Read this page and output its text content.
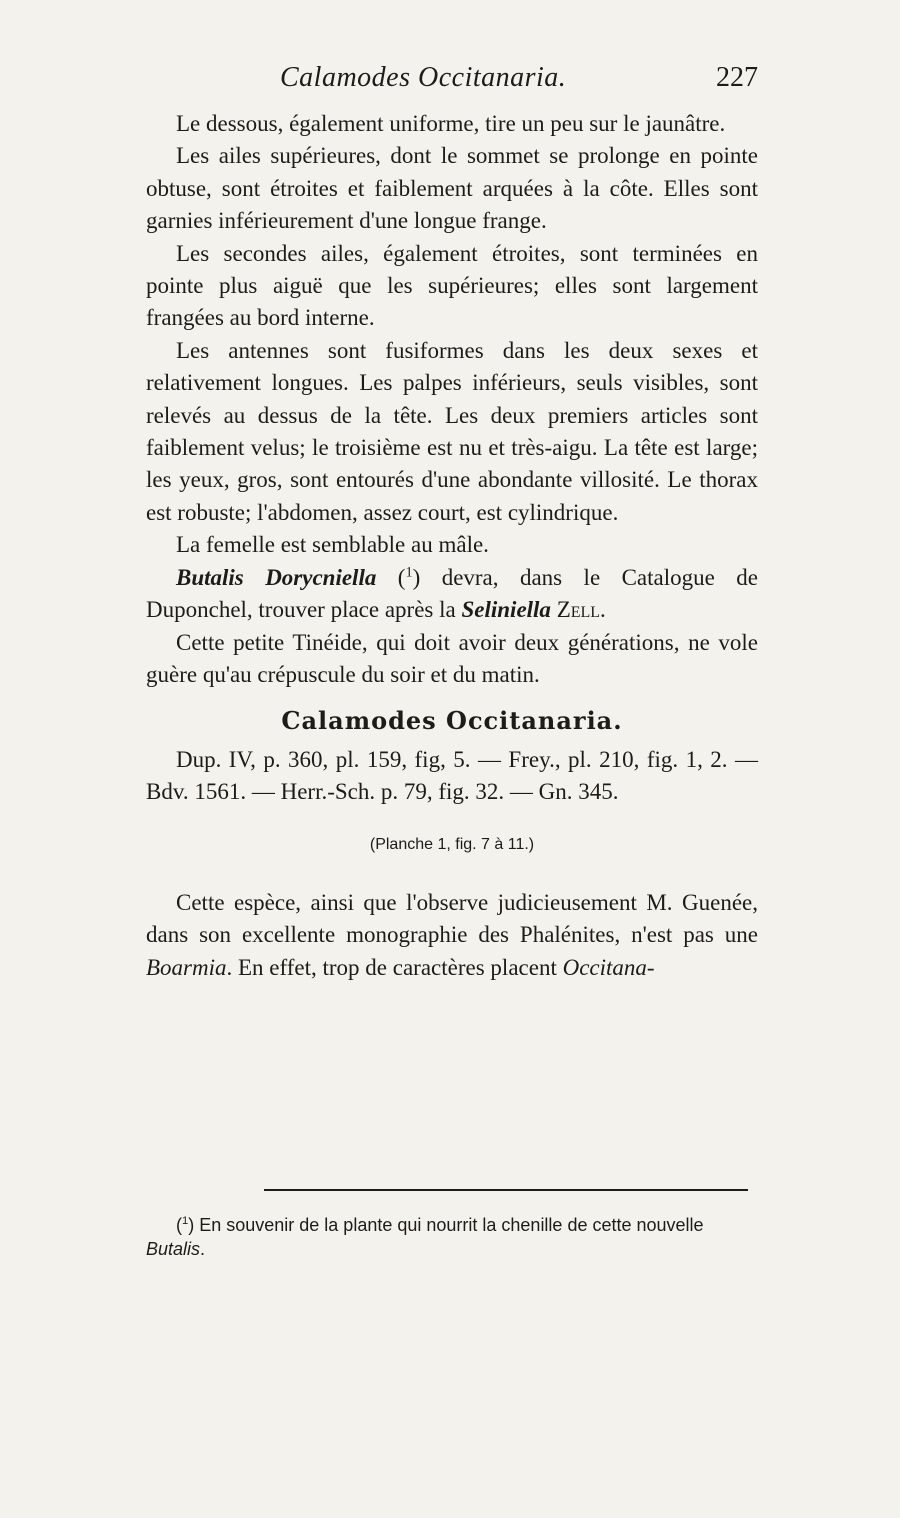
Calamodes Occitanaria.	227

Le dessous, également uniforme, tire un peu sur le jaunâtre.

Les ailes supérieures, dont le sommet se prolonge en pointe obtuse, sont étroites et faiblement arquées à la côte. Elles sont garnies inférieurement d'une longue frange.

Les secondes ailes, également étroites, sont terminées en pointe plus aiguë que les supérieures; elles sont largement frangées au bord interne.

Les antennes sont fusiformes dans les deux sexes et relativement longues. Les palpes inférieurs, seuls visibles, sont relevés au dessus de la tête. Les deux premiers articles sont faiblement velus; le troisième est nu et très-aigu. La tête est large; les yeux, gros, sont entourés d'une abondante villosité. Le thorax est robuste; l'abdomen, assez court, est cylindrique.

La femelle est semblable au mâle.

Butalis Dorycniella ($^1$) devra, dans le Catalogue de Duponchel, trouver place après la Seliniella Zell.

Cette petite Tinéide, qui doit avoir deux générations, ne vole guère qu'au crépuscule du soir et du matin.

Calamodes Occitanaria.

Dup. IV, p. 360, pl. 159, fig, 5. — Frey., pl. 210, fig. 1, 2. — Bdv. 1561. — Herr.-Sch. p. 79, fig. 32. — Gn. 345.

(Planche 1, fig. 7 à 11.)

Cette espèce, ainsi que l'observe judicieusement M. Guenée, dans son excellente monographie des Phalénites, n'est pas une Boarmia. En effet, trop de caractères placent Occitana-

($^1$) En souvenir de la plante qui nourrit la chenille de cette nouvelle Butalis.
